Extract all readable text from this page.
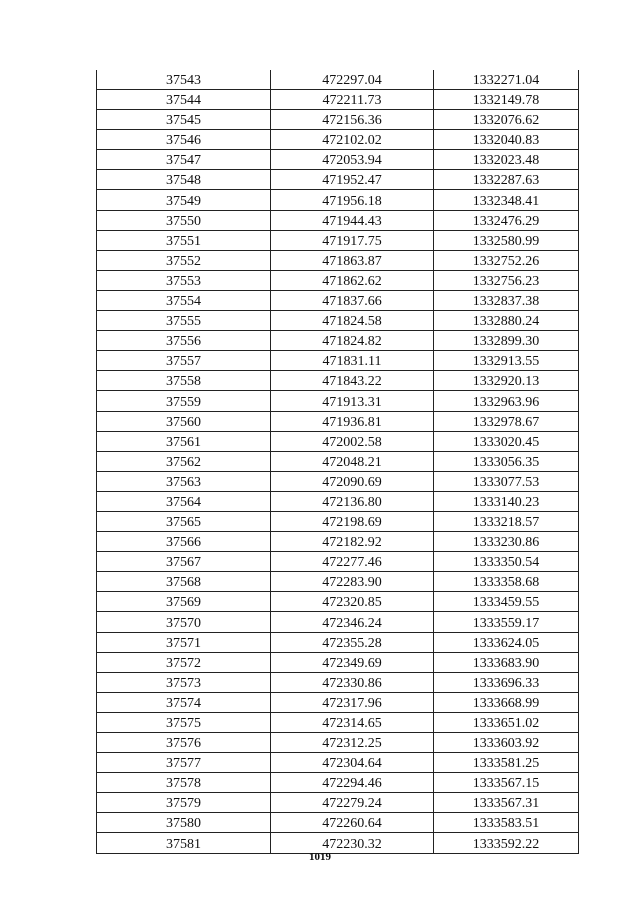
37543	472297.04	1332271.04
37544	472211.73	1332149.78
37545	472156.36	1332076.62
37546	472102.02	1332040.83
37547	472053.94	1332023.48
37548	471952.47	1332287.63
37549	471956.18	1332348.41
37550	471944.43	1332476.29
37551	471917.75	1332580.99
37552	471863.87	1332752.26
37553	471862.62	1332756.23
37554	471837.66	1332837.38
37555	471824.58	1332880.24
37556	471824.82	1332899.30
37557	471831.11	1332913.55
37558	471843.22	1332920.13
37559	471913.31	1332963.96
37560	471936.81	1332978.67
37561	472002.58	1333020.45
37562	472048.21	1333056.35
37563	472090.69	1333077.53
37564	472136.80	1333140.23
37565	472198.69	1333218.57
37566	472182.92	1333230.86
37567	472277.46	1333350.54
37568	472283.90	1333358.68
37569	472320.85	1333459.55
37570	472346.24	1333559.17
37571	472355.28	1333624.05
37572	472349.69	1333683.90
37573	472330.86	1333696.33
37574	472317.96	1333668.99
37575	472314.65	1333651.02
37576	472312.25	1333603.92
37577	472304.64	1333581.25
37578	472294.46	1333567.15
37579	472279.24	1333567.31
37580	472260.64	1333583.51
37581	472230.32	1333592.22
1019
